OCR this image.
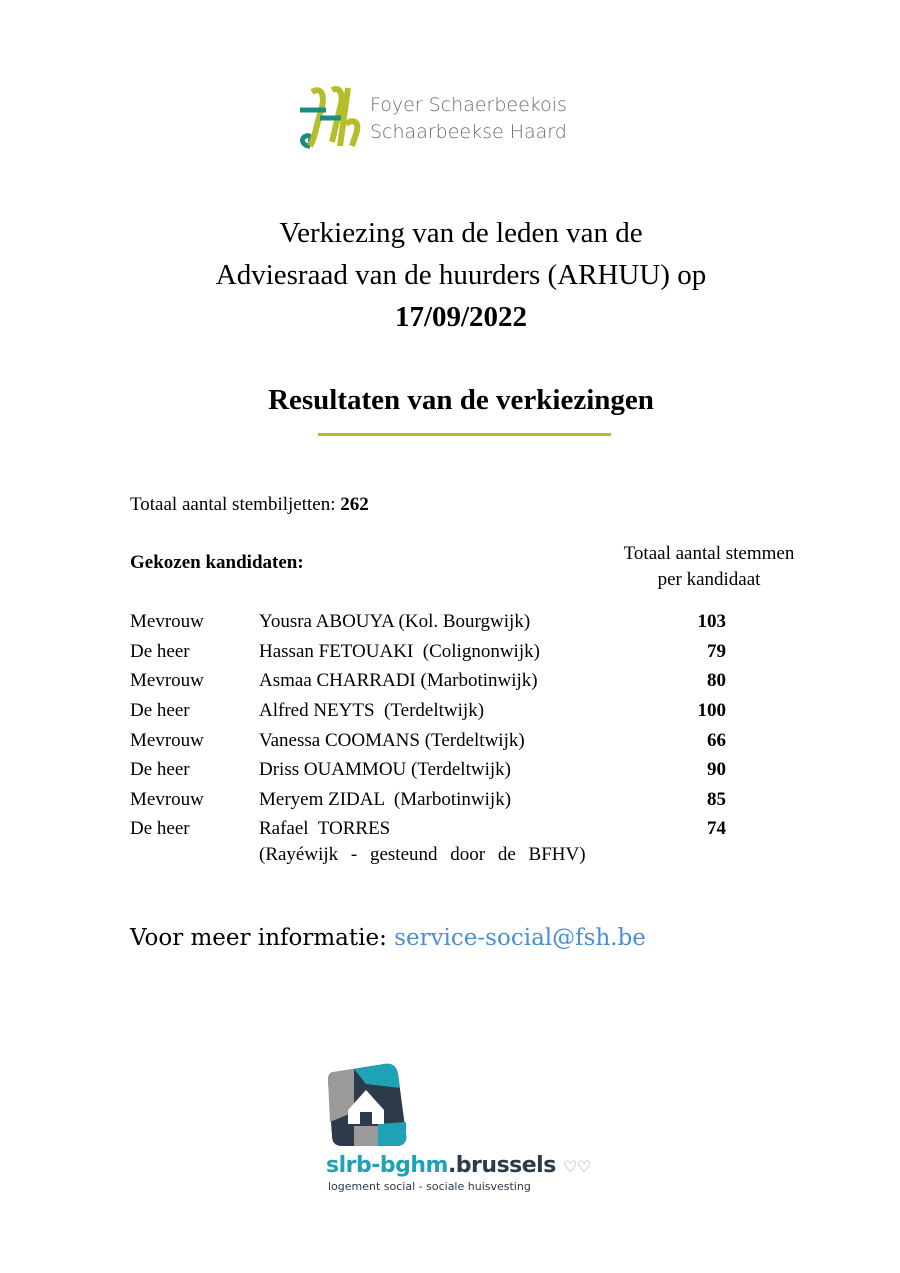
Foyer Schaerbeekois
Schaarbeekse Haard
Verkiezing van de leden van de
Adviesraad van de huurders (ARHUU) op
17/09/2022
Resultaten van de verkiezingen
Totaal aantal stembiljetten: 262
Gekozen kandidaten:	Totaal aantal stemmen
per kandidaat
Mevrouw	Yousra ABOUYA (Kol. Bourgwijk)	103
De heer	Hassan FETOUAKI  (Colignonwijk)	79
Mevrouw	Asmaa CHARRADI (Marbotinwijk)	80
De heer	Alfred NEYTS  (Terdeltwijk)	100
Mevrouw	Vanessa COOMANS (Terdeltwijk)	66
De heer	Driss OUAMMOU (Terdeltwijk)	90
Mevrouw	Meryem ZIDAL  (Marbotinwijk)	85
De heer	Rafael  TORRES	74
(Rayéwijk - gesteund door de BFHV)
Voor meer informatie: service-social@fsh.be
slrb-bghm.brussels ♡♡
logement social - sociale huisvesting
